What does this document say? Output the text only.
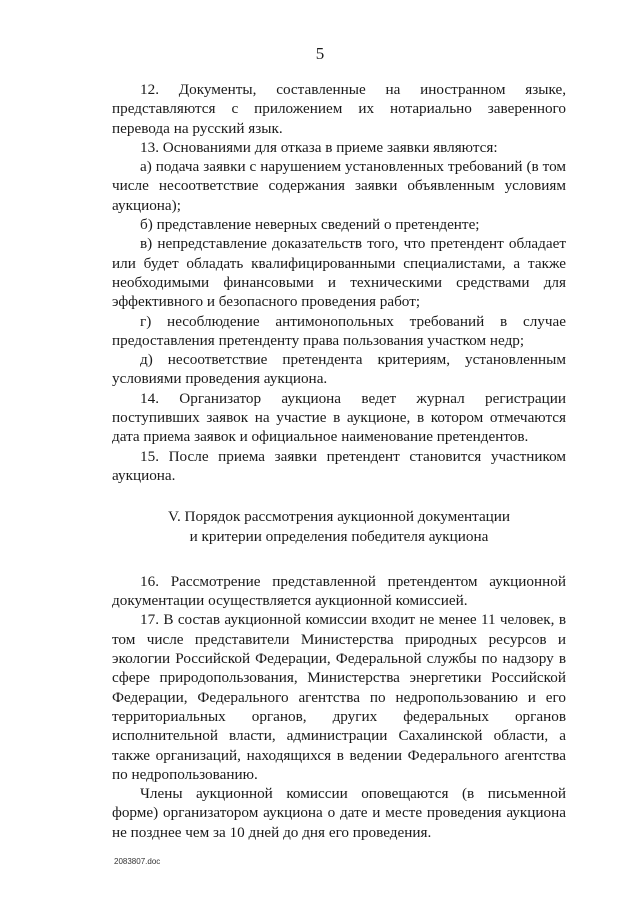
5

12. Документы, составленные на иностранном языке, представляются с приложением их нотариально заверенного перевода на русский язык.

13. Основаниями для отказа в приеме заявки являются:

а) подача заявки с нарушением установленных требований (в том числе несоответствие содержания заявки объявленным условиям аукциона);

б) представление неверных сведений о претенденте;

в) непредставление доказательств того, что претендент обладает или будет обладать квалифицированными специалистами, а также необходимыми финансовыми и техническими средствами для эффективного и безопасного проведения работ;

г) несоблюдение антимонопольных требований в случае предоставления претенденту права пользования участком недр;

д) несоответствие претендента критериям, установленным условиями проведения аукциона.

14. Организатор аукциона ведет журнал регистрации поступивших заявок на участие в аукционе, в котором отмечаются дата приема заявок и официальное наименование претендентов.

15. После приема заявки претендент становится участником аукциона.

V. Порядок рассмотрения аукционной документации
и критерии определения победителя аукциона

16. Рассмотрение представленной претендентом аукционной документации осуществляется аукционной комиссией.

17. В состав аукционной комиссии входит не менее 11 человек, в том числе представители Министерства природных ресурсов и экологии Российской Федерации, Федеральной службы по надзору в сфере природопользования, Министерства энергетики Российской Федерации, Федерального агентства по недропользованию и его территориальных органов, других федеральных органов исполнительной власти, администрации Сахалинской области, а также организаций, находящихся в ведении Федерального агентства по недропользованию.

Члены аукционной комиссии оповещаются (в письменной форме) организатором аукциона о дате и месте проведения аукциона не позднее чем за 10 дней до дня его проведения.

2083807.doc
